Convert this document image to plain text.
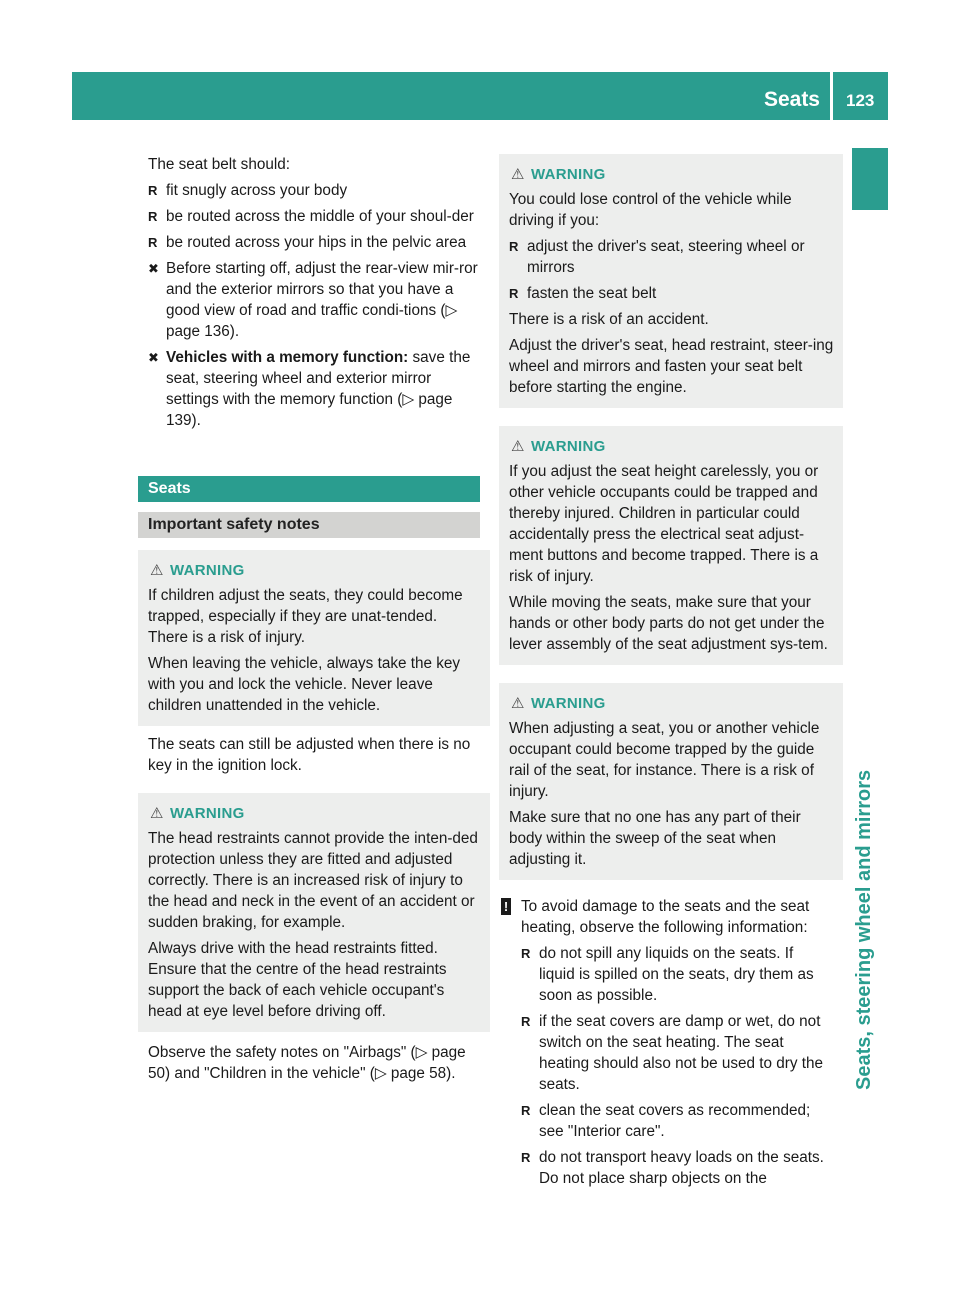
Seats 123
Seats, steering wheel and mirrors

The seat belt should:

R fit snugly across your body
R be routed across the middle of your shoul-der
R be routed across your hips in the pelvic area
✖ Before starting off, adjust the rear-view mir-ror and the exterior mirrors so that you have a good view of road and traffic condi-tions (▷ page 136).
✖ Vehicles with a memory function: save the seat, steering wheel and exterior mirror settings with the memory function (▷ page 139).
Seats
Important safety notes
⚠ WARNING

If children adjust the seats, they could become trapped, especially if they are unat-tended. There is a risk of injury.

When leaving the vehicle, always take the key with you and lock the vehicle. Never leave children unattended in the vehicle.

The seats can still be adjusted when there is no key in the ignition lock.

⚠ WARNING

The head restraints cannot provide the inten-ded protection unless they are fitted and adjusted correctly. There is an increased risk of injury to the head and neck in the event of an accident or sudden braking, for example.

Always drive with the head restraints fitted. Ensure that the centre of the head restraints support the back of each vehicle occupant's head at eye level before driving off.

Observe the safety notes on "Airbags" (▷ page 50) and "Children in the vehicle" (▷ page 58).

⚠ WARNING

You could lose control of the vehicle while driving if you:

R adjust the driver's seat, steering wheel or mirrors
R fasten the seat belt

There is a risk of an accident.

Adjust the driver's seat, head restraint, steer-ing wheel and mirrors and fasten your seat belt before starting the engine.

⚠ WARNING

If you adjust the seat height carelessly, you or other vehicle occupants could be trapped and thereby injured. Children in particular could accidentally press the electrical seat adjust-ment buttons and become trapped. There is a risk of injury.

While moving the seats, make sure that your hands or other body parts do not get under the lever assembly of the seat adjustment sys-tem.

⚠ WARNING

When adjusting a seat, you or another vehicle occupant could become trapped by the guide rail of the seat, for instance. There is a risk of injury.

Make sure that no one has any part of their body within the sweep of the seat when adjusting it.

! To avoid damage to the seats and the seat heating, observe the following information:
R do not spill any liquids on the seats. If liquid is spilled on the seats, dry them as soon as possible.
R if the seat covers are damp or wet, do not switch on the seat heating. The seat heating should also not be used to dry the seats.
R clean the seat covers as recommended; see "Interior care".
R do not transport heavy loads on the seats. Do not place sharp objects on the
